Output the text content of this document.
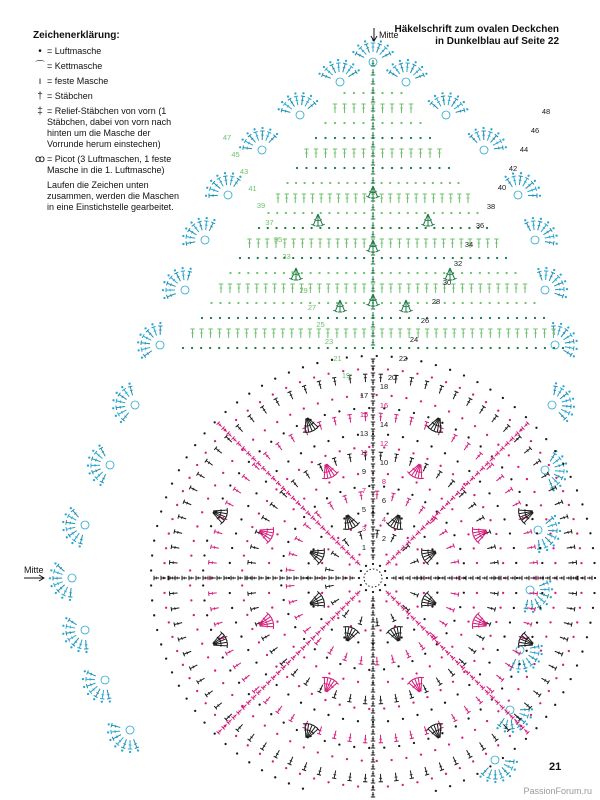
1
3
5
7
9
11
13
15
17
19
21
23
25
27
29
31
33
35
37
39
41
43
45
47
2
4
6
8
10
12
14
16
18
20
22
24
26
28
30
32
34
36
38
40
42
44
46
48
Mitte
Mitte
Zeichenerklärung:
• = Luftmasche
⌒ = Kettmasche
ı = feste Masche
† = Stäbchen
‡ = Relief-Stäbchen von vorn (1 Stäbchen, dabei von vorn nach hinten um die Masche der Vorrunde herum einstechen)
ꝏ = Picot (3 Luftmaschen, 1 feste Masche in die 1. Luftmasche)
Laufen die Zeichen unten zusammen, werden die Maschen in eine Einstichstelle gearbeitet.
Häkelschrift zum ovalen Deckchen
in Dunkelblau auf Seite 22
21
PassionForum.ru
